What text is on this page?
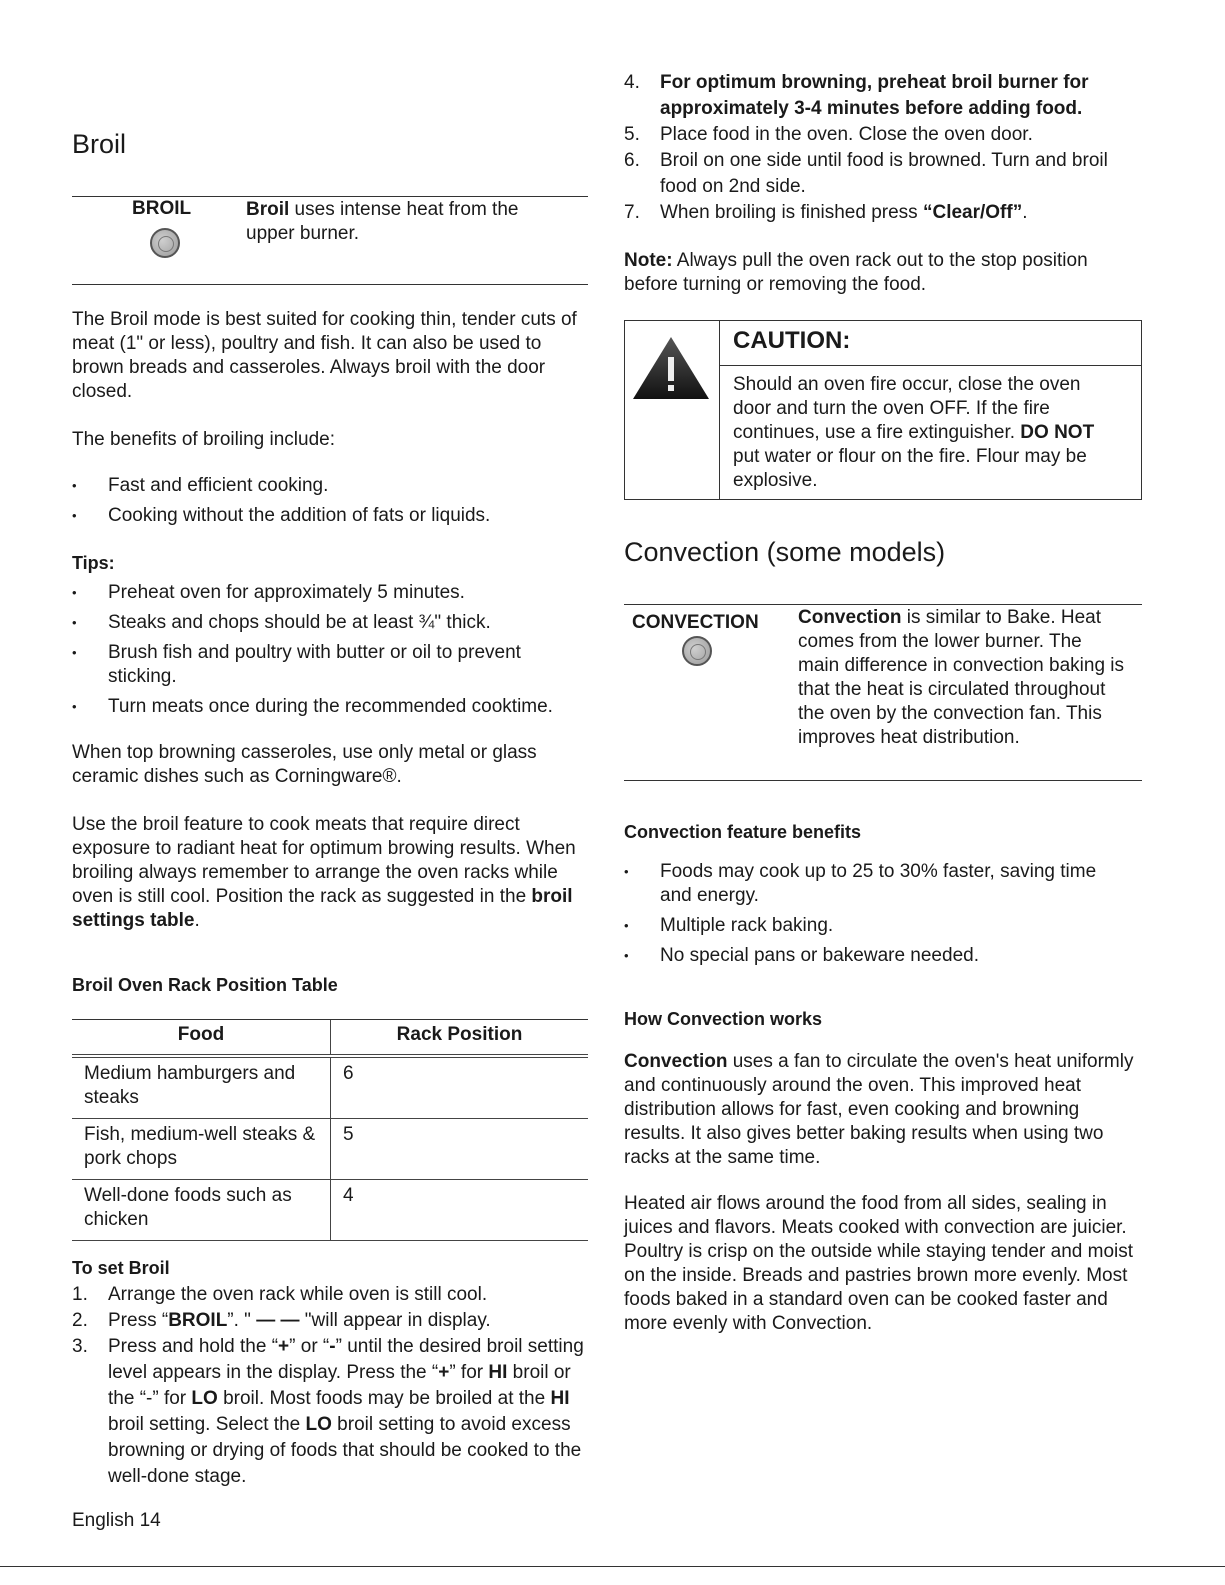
Broil
BROIL	Broil uses intense heat from the upper burner.

The Broil mode is best suited for cooking thin, tender cuts of meat (1" or less), poultry and fish. It can also be used to brown breads and casseroles. Always broil with the door closed.

The benefits of broiling include:

• Fast and efficient cooking.
• Cooking without the addition of fats or liquids.
Tips:
• Preheat oven for approximately 5 minutes.
• Steaks and chops should be at least ¾" thick.
• Brush fish and poultry with butter or oil to prevent sticking.
• Turn meats once during the recommended cooktime.

When top browning casseroles, use only metal or glass ceramic dishes such as Corningware®.

Use the broil feature to cook meats that require direct exposure to radiant heat for optimum browing results. When broiling always remember to arrange the oven racks while oven is still cool. Position the rack as suggested in the broil settings table.

Broil Oven Rack Position Table
Food	Rack Position
Medium hamburgers and steaks	6
Fish, medium-well steaks & pork chops	5
Well-done foods such as chicken	4
To set Broil
1. Arrange the oven rack while oven is still cool.
2. Press “BROIL”. " — — "will appear in display.
3. Press and hold the “+” or “-” until the desired broil setting level appears in the display. Press the “+” for HI broil or the “-” for LO broil. Most foods may be broiled at the HI broil setting. Select the LO broil setting to avoid excess browning or drying of foods that should be cooked to the well-done stage.
English 14
4. For optimum browning, preheat broil burner for approximately 3-4 minutes before adding food.
5. Place food in the oven. Close the oven door.
6. Broil on one side until food is browned. Turn and broil food on 2nd side.
7. When broiling is finished press “Clear/Off”.

Note: Always pull the oven rack out to the stop position before turning or removing the food.

CAUTION:

Should an oven fire occur, close the oven door and turn the oven OFF. If the fire continues, use a fire extinguisher. DO NOT put water or flour on the fire. Flour may be explosive.

Convection (some models)
CONVECTION Convection is similar to Bake. Heat comes from the lower burner. The main difference in convection baking is that the heat is circulated throughout the oven by the convection fan. This improves heat distribution.
Convection feature benefits
• Foods may cook up to 25 to 30% faster, saving time and energy.
• Multiple rack baking.
• No special pans or bakeware needed.
How Convection works

Convection uses a fan to circulate the oven's heat uniformly and continuously around the oven. This improved heat distribution allows for fast, even cooking and browning results. It also gives better baking results when using two racks at the same time.

Heated air flows around the food from all sides, sealing in juices and flavors. Meats cooked with convection are juicier. Poultry is crisp on the outside while staying tender and moist on the inside. Breads and pastries brown more evenly. Most foods baked in a standard oven can be cooked faster and more evenly with Convection.
